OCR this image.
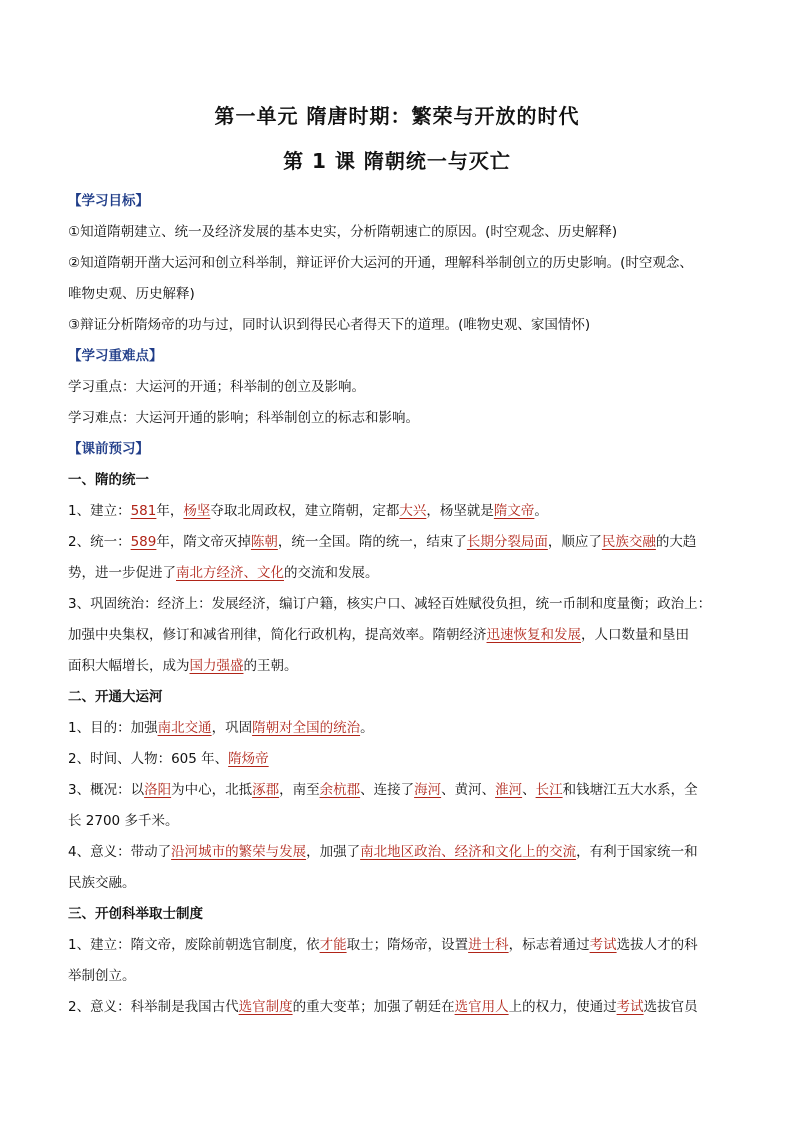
第一单元 隋唐时期：繁荣与开放的时代
第 1 课 隋朝统一与灭亡

【学习目标】

①知道隋朝建立、统一及经济发展的基本史实，分析隋朝速亡的原因。(时空观念、历史解释)

②知道隋朝开凿大运河和创立科举制，辩证评价大运河的开通，理解科举制创立的历史影响。(时空观念、

唯物史观、历史解释)

③辩证分析隋炀帝的功与过，同时认识到得民心者得天下的道理。(唯物史观、家国情怀)

【学习重难点】

学习重点：大运河的开通；科举制的创立及影响。

学习难点：大运河开通的影响；科举制创立的标志和影响。

【课前预习】

一、隋的统一

1、建立：581年，杨坚夺取北周政权，建立隋朝，定都大兴，杨坚就是隋文帝。

2、统一：589年，隋文帝灭掉陈朝，统一全国。隋的统一，结束了长期分裂局面，顺应了民族交融的大趋

势，进一步促进了南北方经济、文化的交流和发展。

3、巩固统治：经济上：发展经济，编订户籍，核实户口、减轻百姓赋役负担，统一币制和度量衡；政治上：

加强中央集权，修订和减省刑律，简化行政机构，提高效率。隋朝经济迅速恢复和发展，人口数量和垦田

面积大幅增长，成为国力强盛的王朝。

二、开通大运河

1、目的：加强南北交通，巩固隋朝对全国的统治。

2、时间、人物：605 年、隋炀帝

3、概况：以洛阳为中心，北抵涿郡，南至余杭郡、连接了海河、黄河、淮河、长江和钱塘江五大水系，全

长 2700 多千米。

4、意义：带动了沿河城市的繁荣与发展，加强了南北地区政治、经济和文化上的交流，有利于国家统一和

民族交融。

三、开创科举取士制度

1、建立：隋文帝，废除前朝选官制度，依才能取士；隋炀帝，设置进士科，标志着通过考试选拔人才的科

举制创立。

2、意义：科举制是我国古代选官制度的重大变革；加强了朝廷在选官用人上的权力，使通过考试选拔官员
